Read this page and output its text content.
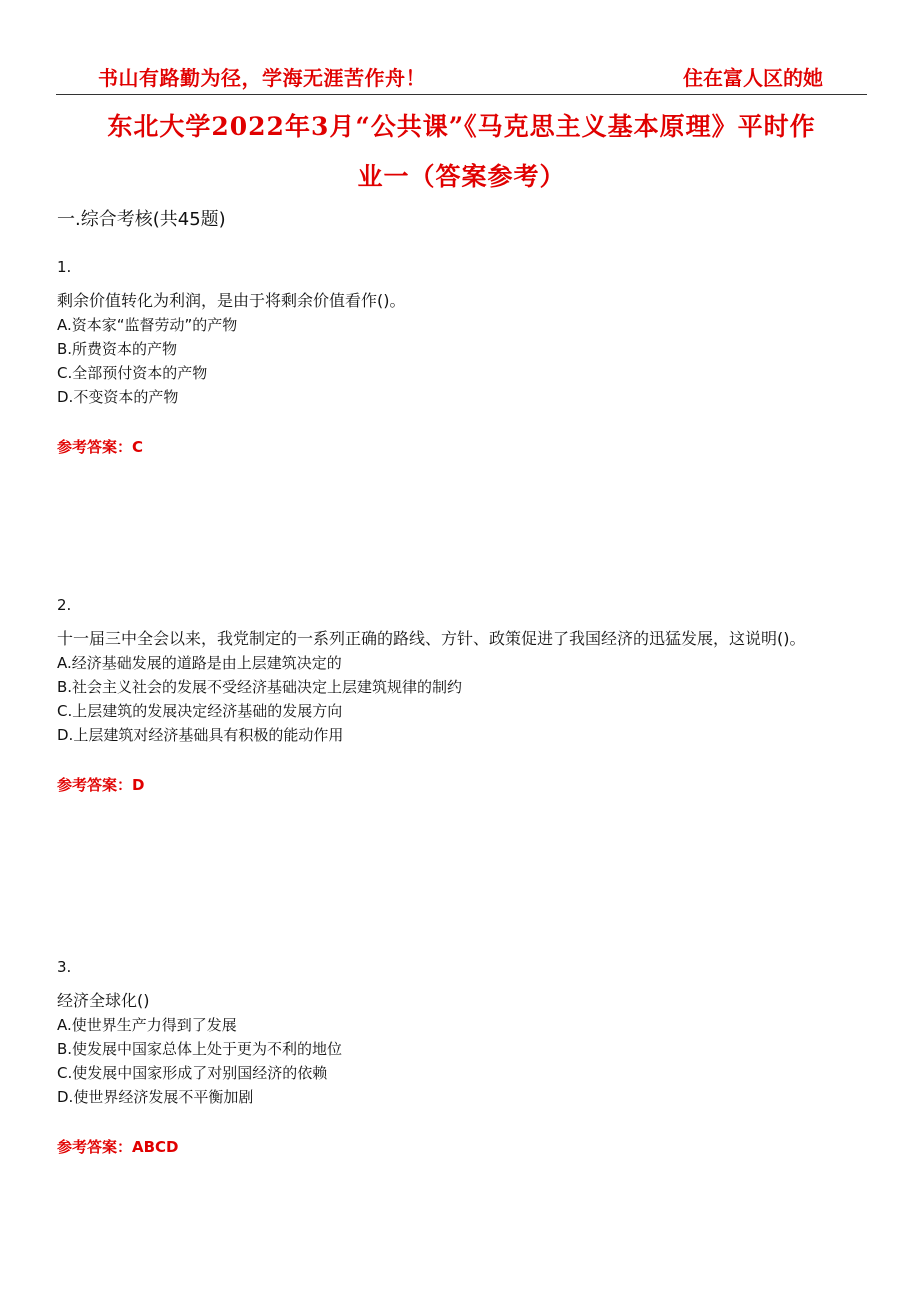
书山有路勤为径，学海无涯苦作舟！	住在富人区的她
东北大学2022年3月“公共课”《马克思主义基本原理》平时作
业一（答案参考）
一.综合考核(共45题)
1.
剩余价值转化为利润，是由于将剩余价值看作()。
A.资本家“监督劳动”的产物
B.所费资本的产物
C.全部预付资本的产物
D.不变资本的产物
参考答案：C
2.
十一届三中全会以来，我党制定的一系列正确的路线、方针、政策促进了我国经济的迅猛发展，这说明()。
A.经济基础发展的道路是由上层建筑决定的
B.社会主义社会的发展不受经济基础决定上层建筑规律的制约
C.上层建筑的发展决定经济基础的发展方向
D.上层建筑对经济基础具有积极的能动作用
参考答案：D
3.
经济全球化()
A.使世界生产力得到了发展
B.使发展中国家总体上处于更为不利的地位
C.使发展中国家形成了对别国经济的依赖
D.使世界经济发展不平衡加剧
参考答案：ABCD
